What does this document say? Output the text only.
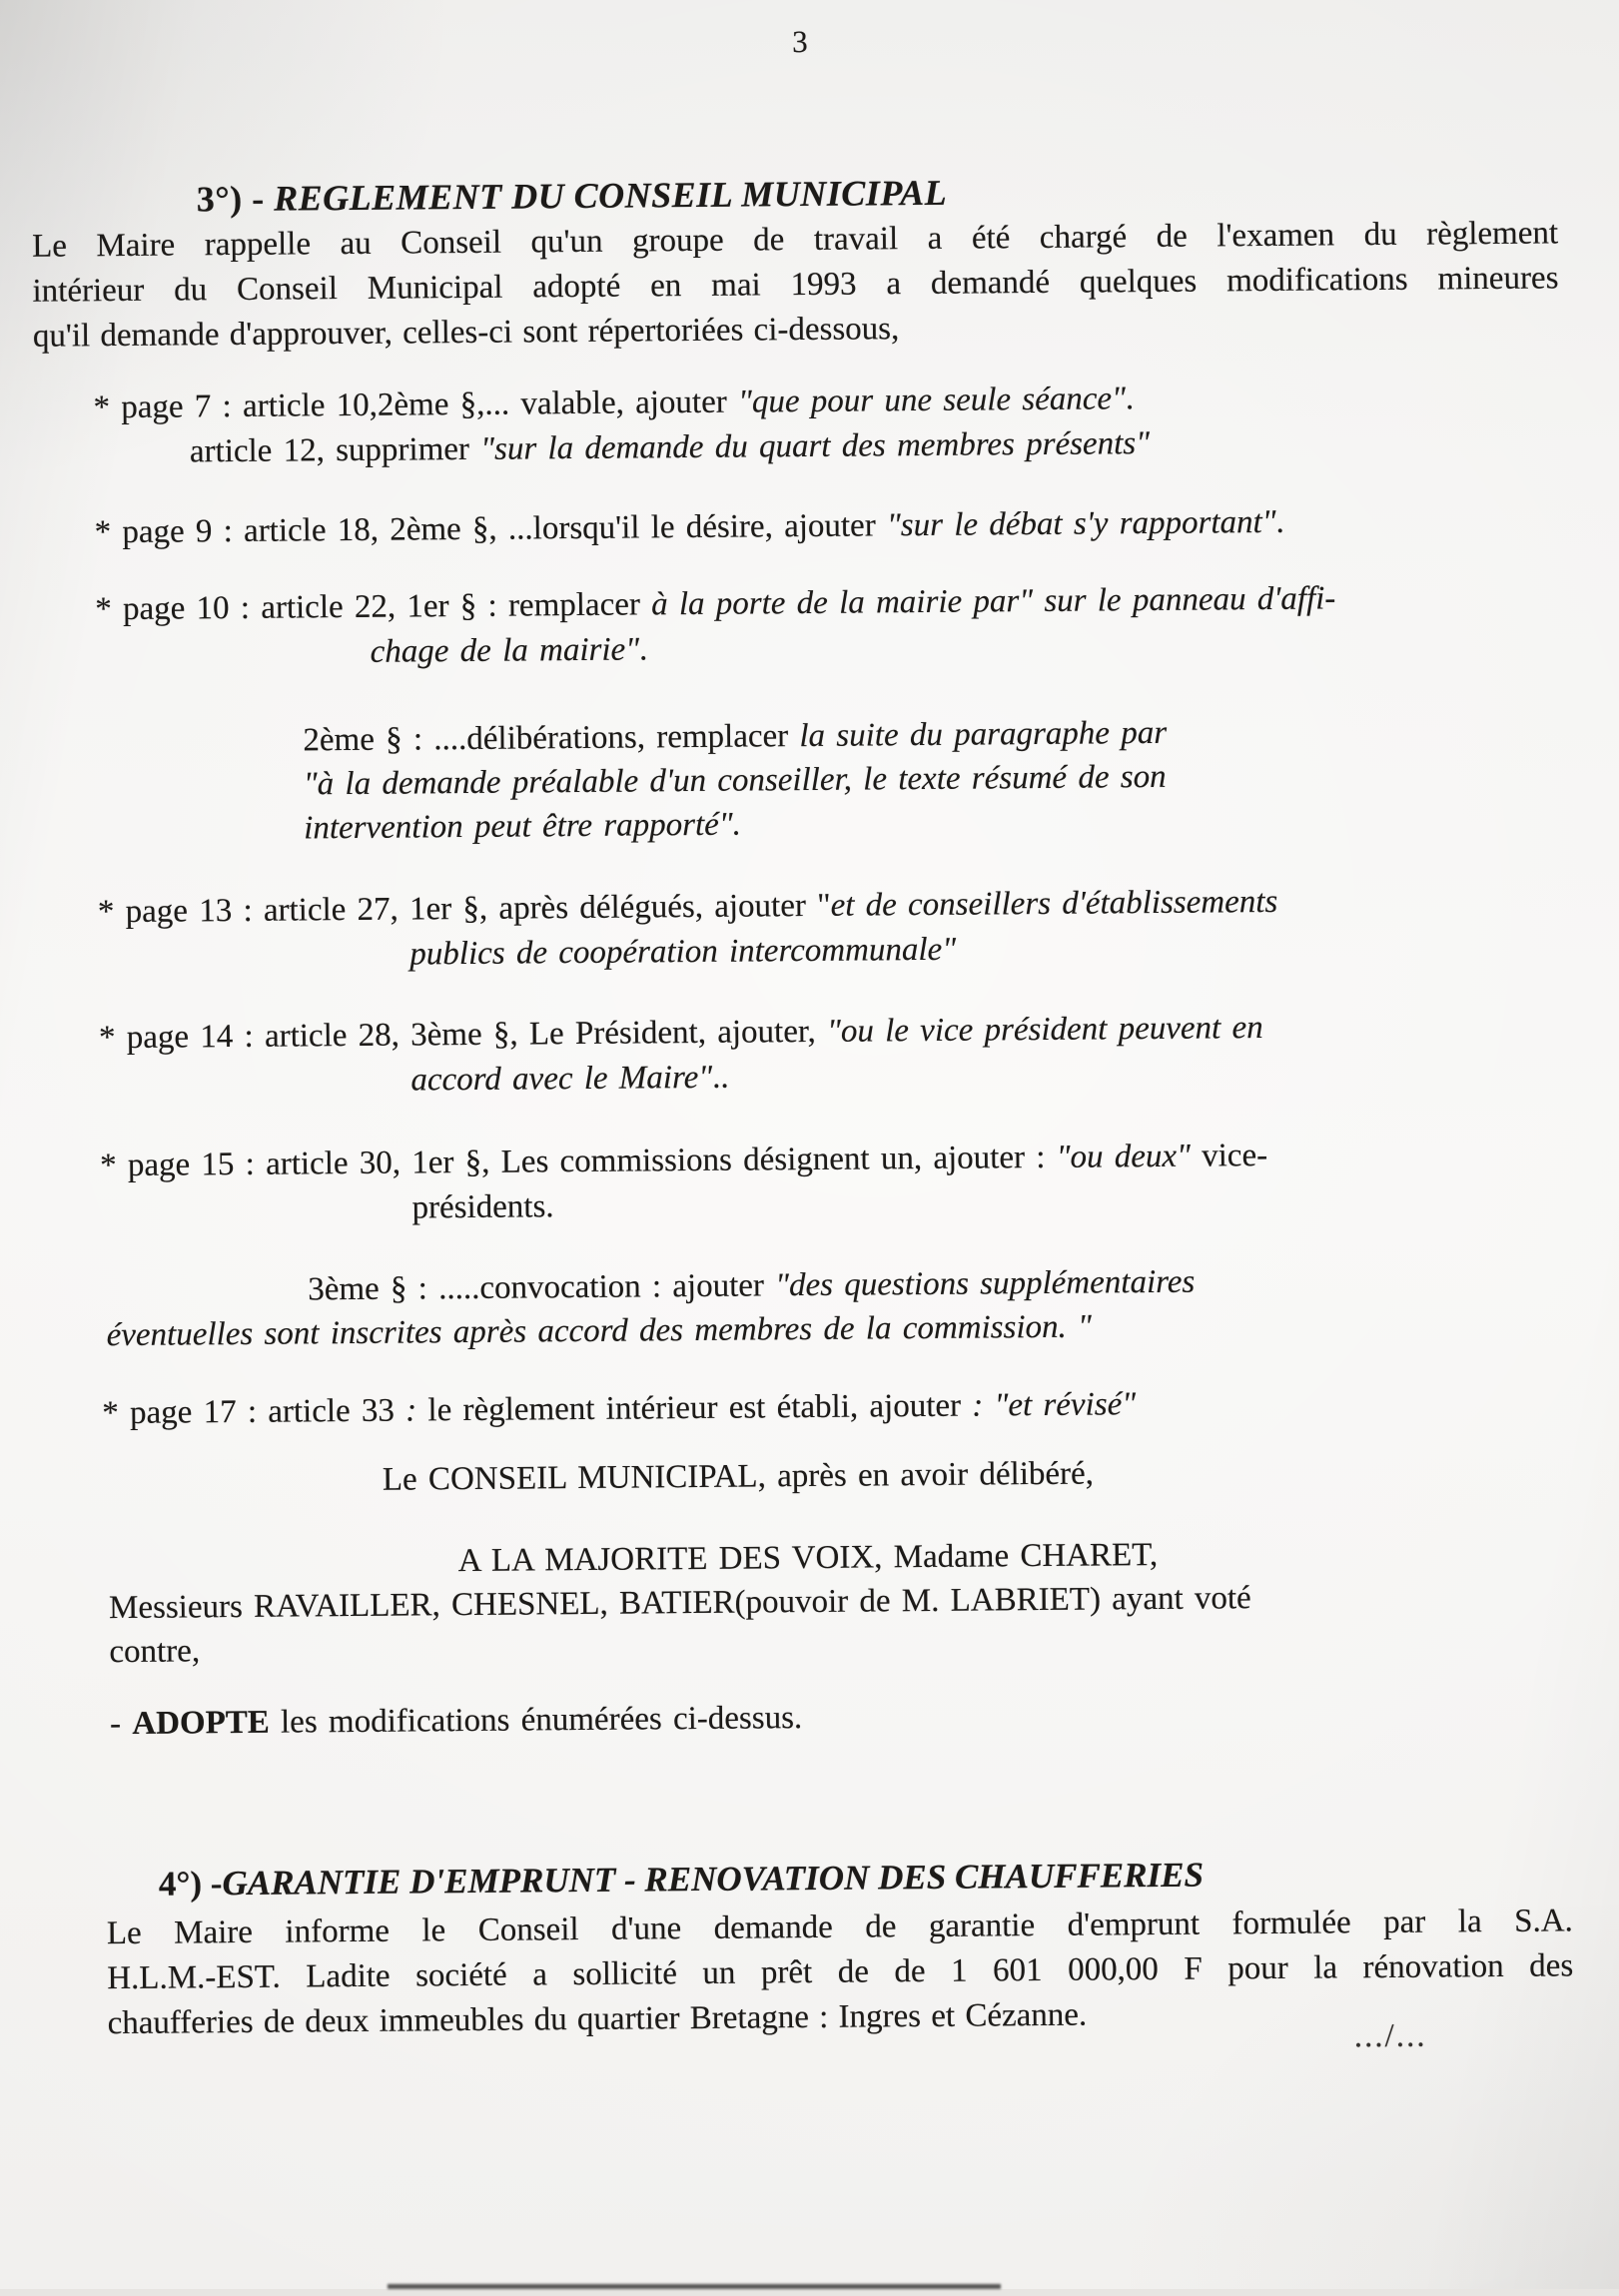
3

3°) - REGLEMENT DU CONSEIL MUNICIPAL

Le Maire rappelle au Conseil qu'un groupe de travail a été chargé de l'examen du règlement
intérieur du Conseil Municipal adopté en mai 1993 a demandé quelques modifications mineures
qu'il demande d'approuver, celles-ci sont répertoriées ci-dessous,
* page 7 : article 10,2ème §,... valable, ajouter "que pour une seule séance".
article 12, supprimer "sur la demande du quart des membres présents"
* page 9 : article 18, 2ème §, ...lorsqu'il le désire, ajouter "sur le débat s'y rapportant".
* page 10 : article 22, 1er § : remplacer à la porte de la mairie par" sur le panneau d'affi-
chage de la mairie".
2ème § : ....délibérations, remplacer la suite du paragraphe par
"à la demande préalable d'un conseiller, le texte résumé de son
intervention peut être rapporté".
* page 13 : article 27, 1er §, après délégués, ajouter "et de conseillers d'établissements
publics de coopération intercommunale"
* page 14 : article 28, 3ème §, Le Président, ajouter, "ou le vice président peuvent en
accord avec le Maire"..
* page 15 : article 30, 1er §, Les commissions désignent un, ajouter : "ou deux" vice-
présidents.
3ème § : .....convocation : ajouter "des questions supplémentaires
éventuelles sont inscrites après accord des membres de la commission. "
* page 17 : article 33 : le règlement intérieur est établi, ajouter : "et révisé"
Le CONSEIL MUNICIPAL, après en avoir délibéré,
A LA MAJORITE DES VOIX, Madame CHARET,
Messieurs RAVAILLER, CHESNEL, BATIER(pouvoir de M. LABRIET) ayant voté
contre,
- ADOPTE les modifications énumérées ci-dessus.

4°) -GARANTIE D'EMPRUNT - RENOVATION DES CHAUFFERIES

Le Maire informe le Conseil d'une demande de garantie d'emprunt formulée par la S.A.
H.L.M.-EST. Ladite société a sollicité un prêt de de 1 601 000,00 F pour la rénovation des
chaufferies de deux immeubles du quartier Bretagne : Ingres et Cézanne.	.../...
